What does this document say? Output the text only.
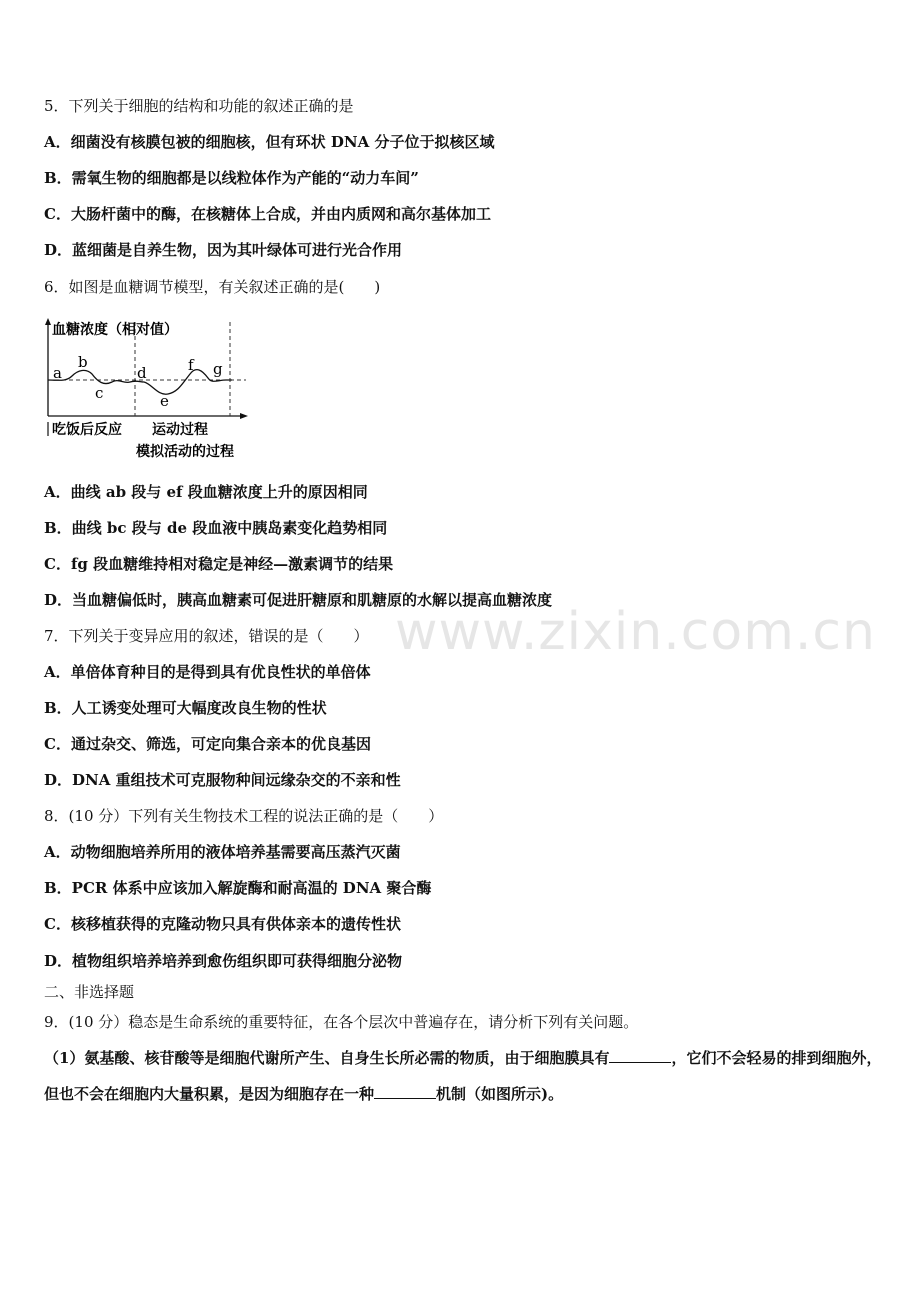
www.zixin.com.cn
5．下列关于细胞的结构和功能的叙述正确的是
A．细菌没有核膜包被的细胞核，但有环状 DNA 分子位于拟核区域
B．需氧生物的细胞都是以线粒体作为产能的“动力车间”
C．大肠杆菌中的酶，在核糖体上合成，并由内质网和高尔基体加工
D．蓝细菌是自养生物，因为其叶绿体可进行光合作用
6．如图是血糖调节模型，有关叙述正确的是(　　)
a
b
c
d
e
f g
血糖浓度（相对值）
吃饭后反应 运动过程
模拟活动的过程
A．曲线 ab 段与 ef 段血糖浓度上升的原因相同
B．曲线 bc 段与 de 段血液中胰岛素变化趋势相同
C．fg 段血糖维持相对稳定是神经—激素调节的结果
D．当血糖偏低时，胰高血糖素可促进肝糖原和肌糖原的水解以提高血糖浓度
7．下列关于变异应用的叙述，错误的是（　　）
A．单倍体育种目的是得到具有优良性状的单倍体
B．人工诱变处理可大幅度改良生物的性状
C．通过杂交、筛选，可定向集合亲本的优良基因
D．DNA 重组技术可克服物种间远缘杂交的不亲和性
8．(10 分）下列有关生物技术工程的说法正确的是（　　）
A．动物细胞培养所用的液体培养基需要高压蒸汽灭菌
B．PCR 体系中应该加入解旋酶和耐高温的 DNA 聚合酶
C．核移植获得的克隆动物只具有供体亲本的遗传性状
D．植物组织培养培养到愈伤组织即可获得细胞分泌物
二、非选择题
9．(10 分）稳态是生命系统的重要特征，在各个层次中普遍存在，请分析下列有关问题。
（1）氨基酸、核苷酸等是细胞代谢所产生、自身生长所必需的物质，由于细胞膜具有	，它们不会轻易的排到细胞外，但也不会在细胞内大量积累，是因为细胞存在一种	机制（如图所示)。
